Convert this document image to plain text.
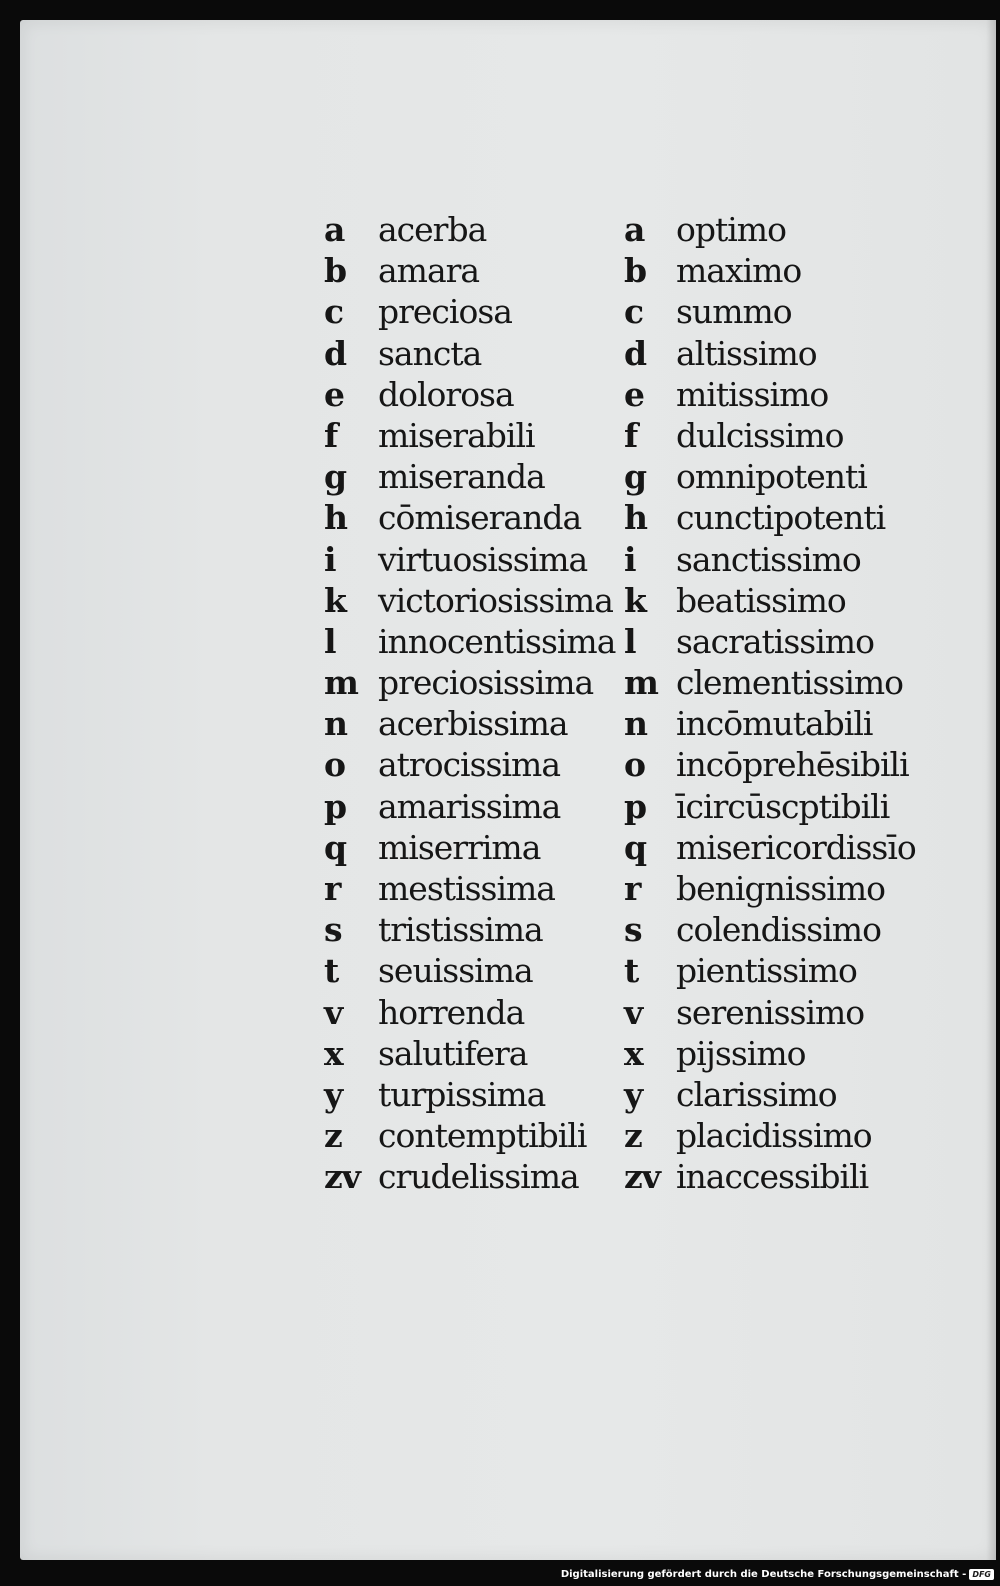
a acerba
b amara
c preciosa
d sancta
e dolorosa
f miserabili
g miseranda
h cōmiseranda
i virtuosissima
k victoriosissima
l innocentissima
m preciosissima
n acerbissima
o atrocissima
p amarissima
q miserrima
r mestissima
s tristissima
t seuissima
v horrenda
x salutifera
y turpissima
z contemptibili
zv crudelissima
a optimo
b maximo
c summo
d altissimo
e mitissimo
f dulcissimo
g omnipotenti
h cunctipotenti
i sanctissimo
k beatissimo
l sacratissimo
m clementissimo
n incōmutabili
o incōprehēsibili
p īcircūscptibili
q misericordissīo
r benignissimo
s colendissimo
t pientissimo
v serenissimo
x pijssimo
y clarissimo
z placidissimo
zv inaccessibili
Digitalisierung gefördert durch die Deutsche Forschungsgemeinschaft - DFG
